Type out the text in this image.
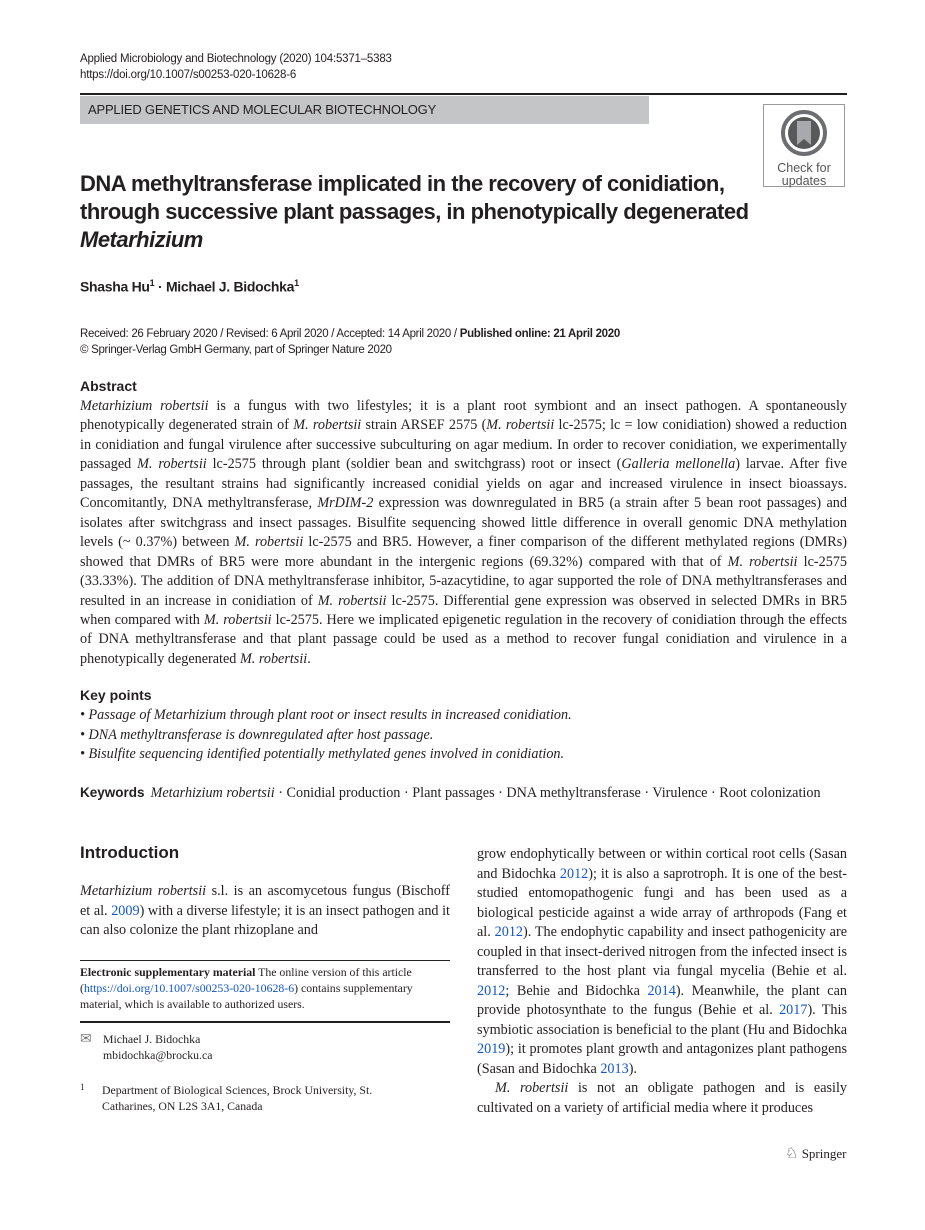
Applied Microbiology and Biotechnology (2020) 104:5371–5383
https://doi.org/10.1007/s00253-020-10628-6
APPLIED GENETICS AND MOLECULAR BIOTECHNOLOGY
Check for
updates
DNA methyltransferase implicated in the recovery of conidiation, through successive plant passages, in phenotypically degenerated Metarhizium
Shasha $Hu^1$ · Michael J. Bidochka$^1$
Received: 26 February 2020 / Revised: 6 April 2020 / Accepted: 14 April 2020 / Published online: 21 April 2020
© Springer-Verlag GmbH Germany, part of Springer Nature 2020
Abstract
Metarhizium robertsii is a fungus with two lifestyles; it is a plant root symbiont and an insect pathogen. A spontaneously phenotypically degenerated strain of M. robertsii strain ARSEF 2575 (M. robertsii lc-2575; lc = low conidiation) showed a reduction in conidiation and fungal virulence after successive subculturing on agar medium. In order to recover conidiation, we experimentally passaged M. robertsii lc-2575 through plant (soldier bean and switchgrass) root or insect (Galleria mellonella) larvae. After five passages, the resultant strains had significantly increased conidial yields on agar and increased virulence in insect bioassays. Concomitantly, DNA methyltransferase, MrDIM-2 expression was downregulated in BR5 (a strain after 5 bean root passages) and isolates after switchgrass and insect passages. Bisulfite sequencing showed little difference in overall genomic DNA methylation levels (~ 0.37%) between M. robertsii lc-2575 and BR5. However, a finer comparison of the different methylated regions (DMRs) showed that DMRs of BR5 were more abundant in the intergenic regions (69.32%) compared with that of M. robertsii lc-2575 (33.33%). The addition of DNA methyltransferase inhibitor, 5-azacytidine, to agar supported the role of DNA methyltransferases and resulted in an increase in conidiation of M. robertsii lc-2575. Differential gene expression was observed in selected DMRs in BR5 when compared with M. robertsii lc-2575. Here we implicated epigenetic regulation in the recovery of conidiation through the effects of DNA methyltransferase and that plant passage could be used as a method to recover fungal conidiation and virulence in a phenotypically degenerated M. robertsii.
Key points
• Passage of Metarhizium through plant root or insect results in increased conidiation.
• DNA methyltransferase is downregulated after host passage.
• Bisulfite sequencing identified potentially methylated genes involved in conidiation.
Keywords Metarhizium robertsii · Conidial production · Plant passages · DNA methyltransferase · Virulence · Root colonization
Introduction

Metarhizium robertsii s.l. is an ascomycetous fungus (Bischoff et al. 2009) with a diverse lifestyle; it is an insect pathogen and it can also colonize the plant rhizoplane and

grow endophytically between or within cortical root cells (Sasan and Bidochka 2012); it is also a saprotroph. It is one of the best-studied entomopathogenic fungi and has been used as a biological pesticide against a wide array of arthropods (Fang et al. 2012). The endophytic capability and insect pathogenicity are coupled in that insect-derived nitrogen from the infected insect is transferred to the host plant via fungal mycelia (Behie et al. 2012; Behie and Bidochka 2014). Meanwhile, the plant can provide photosynthate to the fungus (Behie et al. 2017). This symbiotic association is beneficial to the plant (Hu and Bidochka 2019); it promotes plant growth and antagonizes plant pathogens (Sasan and Bidochka 2013).

M. robertsii is not an obligate pathogen and is easily cultivated on a variety of artificial media where it produces

Electronic supplementary material The online version of this article (https://doi.org/10.1007/s00253-020-10628-6) contains supplementary material, which is available to authorized users.
✉ Michael J. Bidochka
mbidochka@brocku.ca
1 Department of Biological Sciences, Brock University, St. Catharines, ON L2S 3A1, Canada
♘ Springer
